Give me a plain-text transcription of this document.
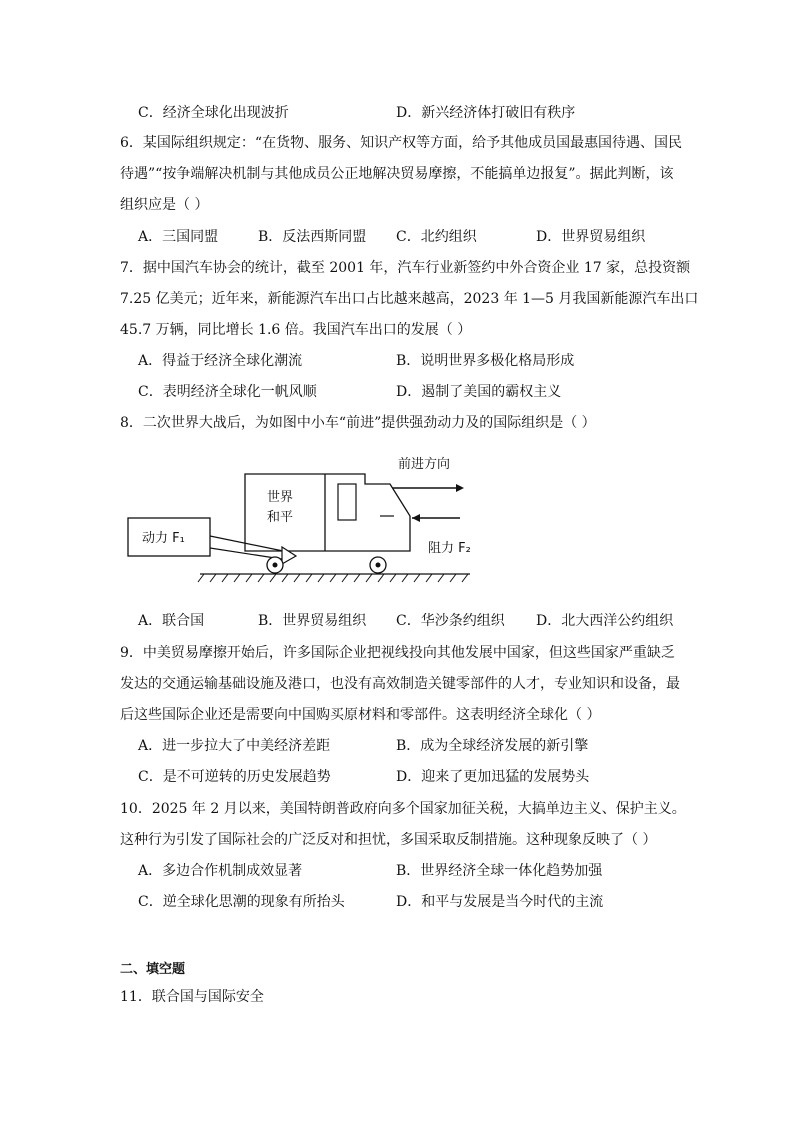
C．经济全球化出现波折	D．新兴经济体打破旧有秩序
6．某国际组织规定：“在货物、服务、知识产权等方面，给予其他成员国最惠国待遇、国民
待遇”“按争端解决机制与其他成员公正地解决贸易摩擦，不能搞单边报复”。据此判断，该
组织应是（ ）
A．三国同盟	B．反法西斯同盟 C．北约组织	D．世界贸易组织
7．据中国汽车协会的统计，截至 2001 年，汽车行业新签约中外合资企业 17 家，总投资额
7.25 亿美元；近年来，新能源汽车出口占比越来越高，2023 年 1—5 月我国新能源汽车出口
45.7 万辆，同比增长 1.6 倍。我国汽车出口的发展（ ）
A．得益于经济全球化潮流	B．说明世界多极化格局形成
C．表明经济全球化一帆风顺	D．遏制了美国的霸权主义
8．二次世界大战后，为如图中小车“前进”提供强劲动力及的国际组织是（ ）
前进方向
世界
和平
阻力 F₂
动力 F₁
A．联合国	B．世界贸易组织 C．华沙条约组织 D．北大西洋公约组织
9．中美贸易摩擦开始后，许多国际企业把视线投向其他发展中国家，但这些国家严重缺乏
发达的交通运输基础设施及港口，也没有高效制造关键零部件的人才，专业知识和设备，最
后这些国际企业还是需要向中国购买原材料和零部件。这表明经济全球化（ ）
A．进一步拉大了中美经济差距	B．成为全球经济发展的新引擎
C．是不可逆转的历史发展趋势	D．迎来了更加迅猛的发展势头
10．2025 年 2 月以来，美国特朗普政府向多个国家加征关税，大搞单边主义、保护主义。
这种行为引发了国际社会的广泛反对和担忧，多国采取反制措施。这种现象反映了（ ）
A．多边合作机制成效显著	B．世界经济全球一体化趋势加强
C．逆全球化思潮的现象有所抬头	D．和平与发展是当今时代的主流
二、填空题
11．联合国与国际安全
